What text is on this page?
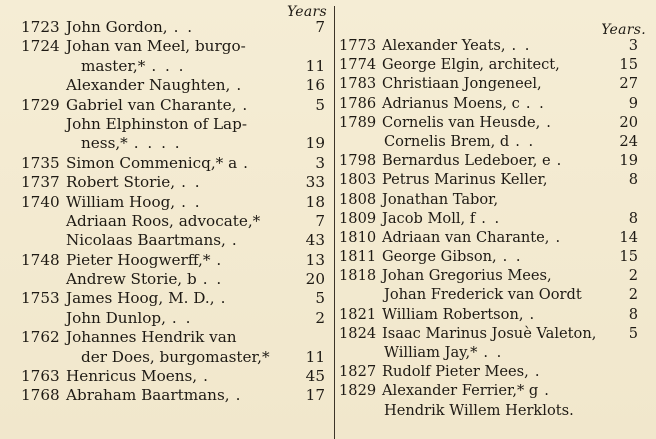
Years
1723 John Gordon, . .	7
1724 Johan van Meel, burgo-
master,* . . .	11
Alexander Naughten, .	16
1729 Gabriel van Charante, .	5
John Elphinston of Lap-
ness,* . . . .	19
1735 Simon Commenicq,* a .	3
1737 Robert Storie, . .	33
1740 William Hoog, . .	18
Adriaan Roos, advocate,*	7
Nicolaas Baartmans, .	43
1748 Pieter Hoogwerff,* .	13
Andrew Storie, b . .	20
1753 James Hoog, M. D., .	5
John Dunlop, . .	2
1762 Johannes Hendrik van
der Does, burgomaster,*	11
1763 Henricus Moens, .	45
1768 Abraham Baartmans, .	17
Years.
1773 Alexander Yeats, . .	3
1774 George Elgin, architect,	15
1783 Christiaan Jongeneel,	27
1786 Adrianus Moens, c . .	9
1789 Cornelis van Heusde, .	20
Cornelis Brem, d . .	24
1798 Bernardus Ledeboer, e .	19
1803 Petrus Marinus Keller,	8
1808 Jonathan Tabor,
1809 Jacob Moll, f . .	8
1810 Adriaan van Charante, .	14
1811 George Gibson, . .	15
1818 Johan Gregorius Mees,	2
Johan Frederick van Oordt	2
1821 William Robertson, .	8
1824 Isaac Marinus Josuè Valeton,	5
William Jay,* . .
1827 Rudolf Pieter Mees, .
1829 Alexander Ferrier,* g .
Hendrik Willem Herklots.
